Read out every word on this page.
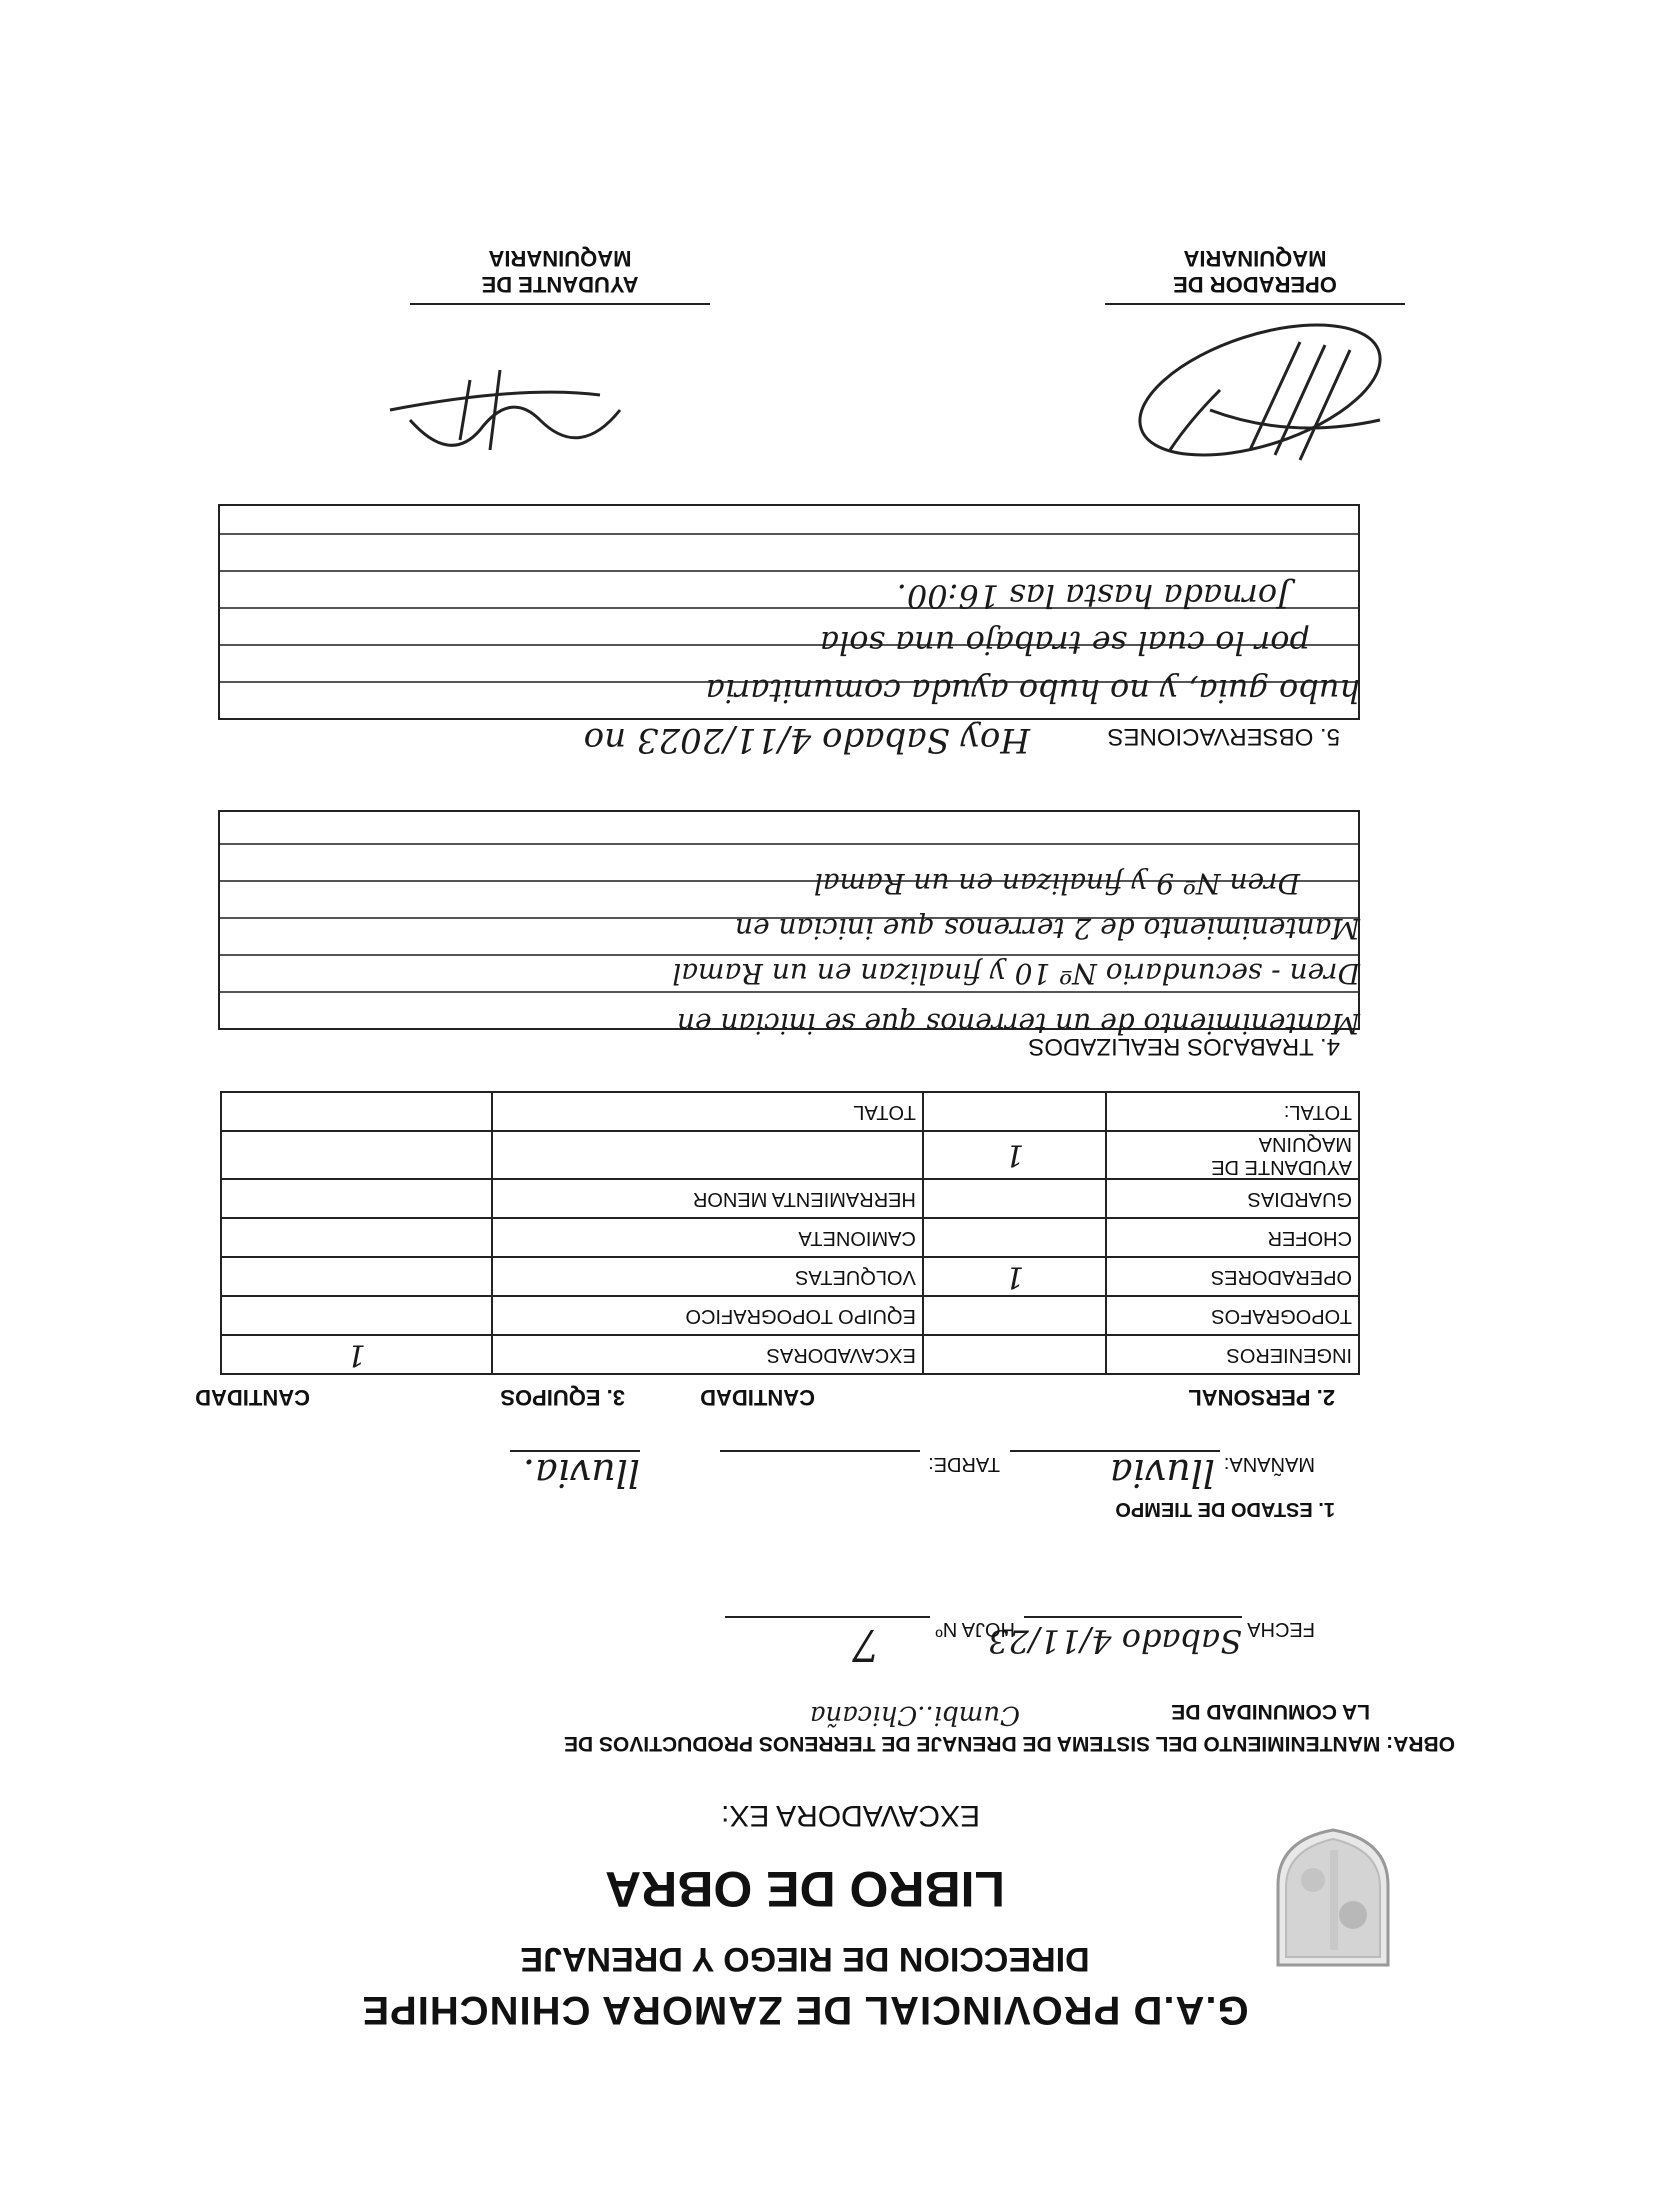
G.A.D PROVINCIAL DE ZAMORA CHINCHIPE
DIRECCION DE RIEGO Y DRENAJE
LIBRO DE OBRA
EXCAVADORA EX:
OBRA: MANTENIMIENTO DEL SISTEMA DE DRENAJE DE TERRENOS PRODUCTIVOS DE
LA COMUNIDAD DE
Cumbi..Chicaña
FECHA
Sabado 4/11/23
HOJA Nº
7
1. ESTADO DE TIEMPO
MAÑANA:
lluvia
TARDE:
lluvia.
2. PERSONAL
CANTIDAD
3. EQUIPOS
CANTIDAD
INGENIEROS		EXCAVADORAS	1
TOPOGRAFOS		EQUIPO TOPOGRAFICO	
OPERADORES	1	VOLQUETAS	
CHOFER		CAMIONETA	
GUARDIAS		HERRAMIENTA MENOR	
AYUDANTE DE MAQUINA	1		
TOTAL:		TOTAL	
4. TRABAJOS REALIZADOS
Mantenimiento de un terrenos que se inician en
Dren - secundario Nº 10 y finalizan en un Ramal
Mantenimiento de 2 terrenos que inician en
Dren Nº 9 y finalizan en un Ramal
5. OBSERVACIONES
Hoy Sabado 4/11/2023 no
hubo guia, y no hubo ayuda comunitaria
por lo cual se trabajo una sola
Jornada hasta las 16:00.
OPERADOR DE MAQUINARIA
AYUDANTE DE MAQUINARIA
